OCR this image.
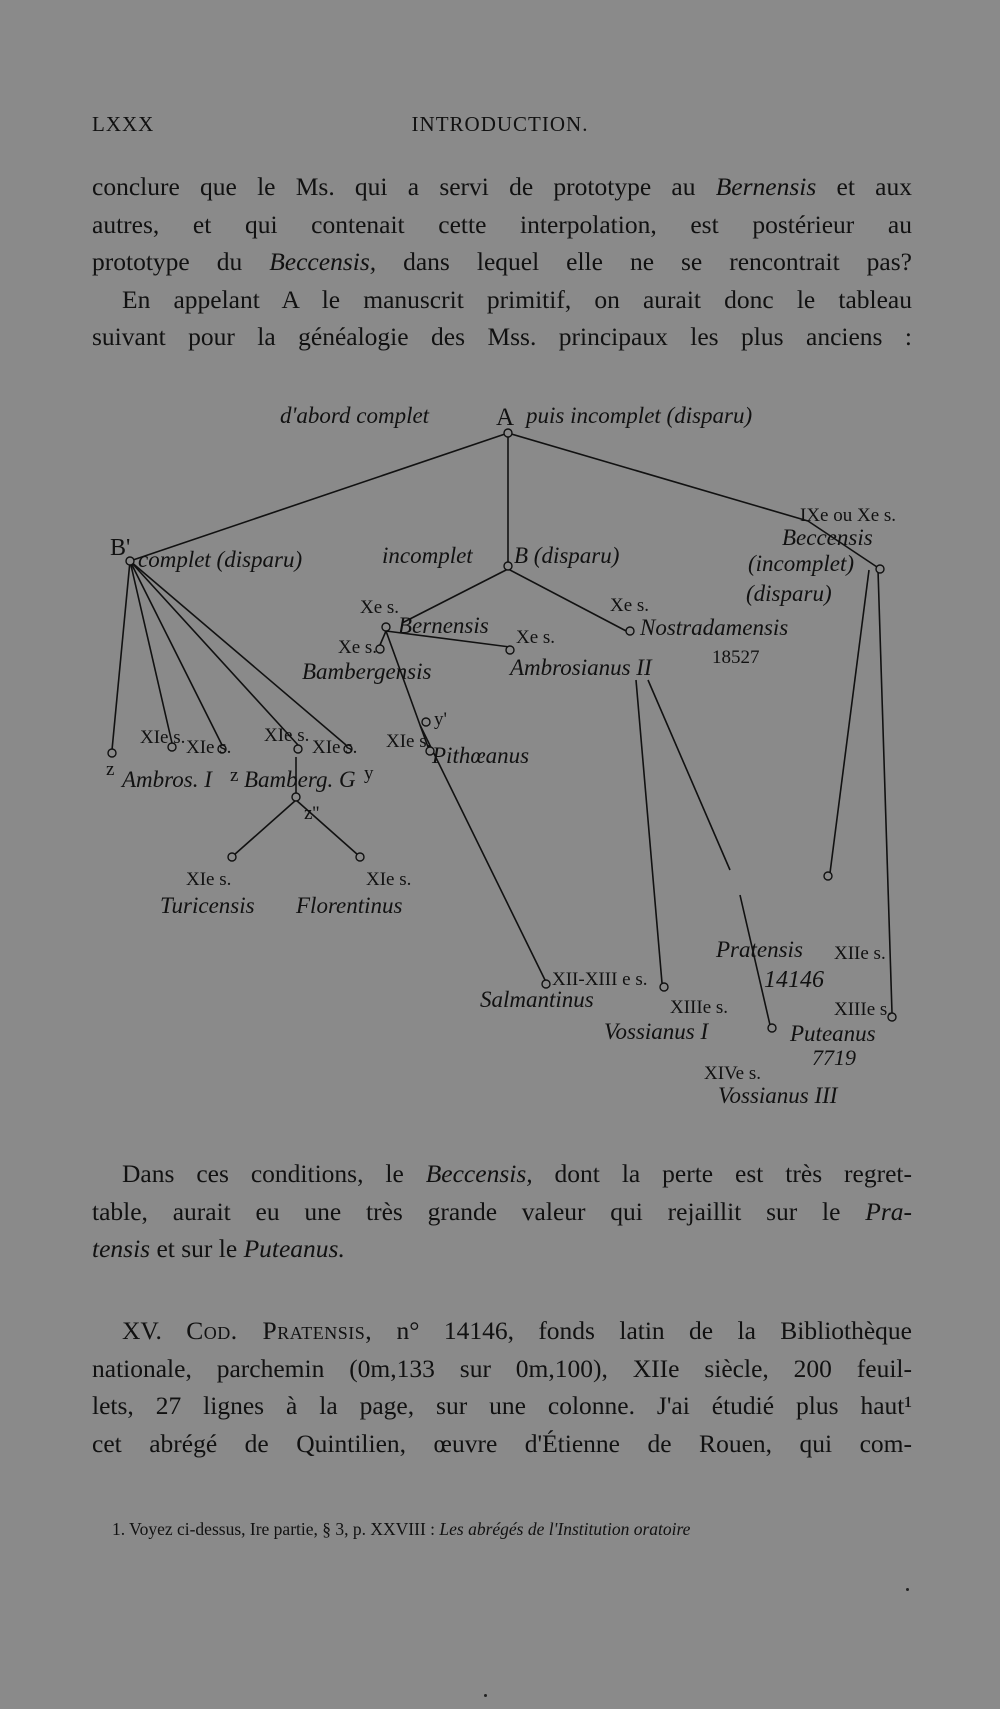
LXXX	INTRODUCTION.
conclure que le Ms. qui a servi de prototype au Bernensis et aux
autres, et qui contenait cette interpolation, est postérieur au
prototype du Beccensis, dans lequel elle ne se rencontrait pas?
En appelant A le manuscrit primitif, on aurait donc le tableau
suivant pour la généalogie des Mss. principaux les plus anciens :
d'abord complet	A puis incomplet (disparu)
B' complet (disparu)	incomplet B (disparu)
IXe ou Xe s.
Beccensis
(incomplet)
(disparu)
Xe s.
Bernensis
Xe s.
Nostradamensis
18527
Xe s.
Bambergensis
Xe s.
Ambrosianus II
y'
XIe s.
Pithœanus
XIe s. XIe s.
XIe s.
XIe s.
z Ambros. I z Bamberg. G y
z''
XIe s.
Turicensis
XIe s.
Florentinus
XII-XIII e s.
Salmantinus	XIIIe s.
Vossianus I
Pratensis XIIe s.
14146
XIIIe s.
Puteanus
7719
XIVe s.
Vossianus III
Dans ces conditions, le Beccensis, dont la perte est très regret-
table, aurait eu une très grande valeur qui rejaillit sur le Pra-
tensis et sur le Puteanus.
XV. Cod. Pratensis, n° 14146, fonds latin de la Bibliothèque
nationale, parchemin (0m,133 sur 0m,100), XIIe siècle, 200 feuil-
lets, 27 lignes à la page, sur une colonne. J'ai étudié plus haut¹
cet abrégé de Quintilien, œuvre d'Étienne de Rouen, qui com-
1. Voyez ci-dessus, Ire partie, § 3, p. XXVIII : Les abrégés de l'Institution oratoire
